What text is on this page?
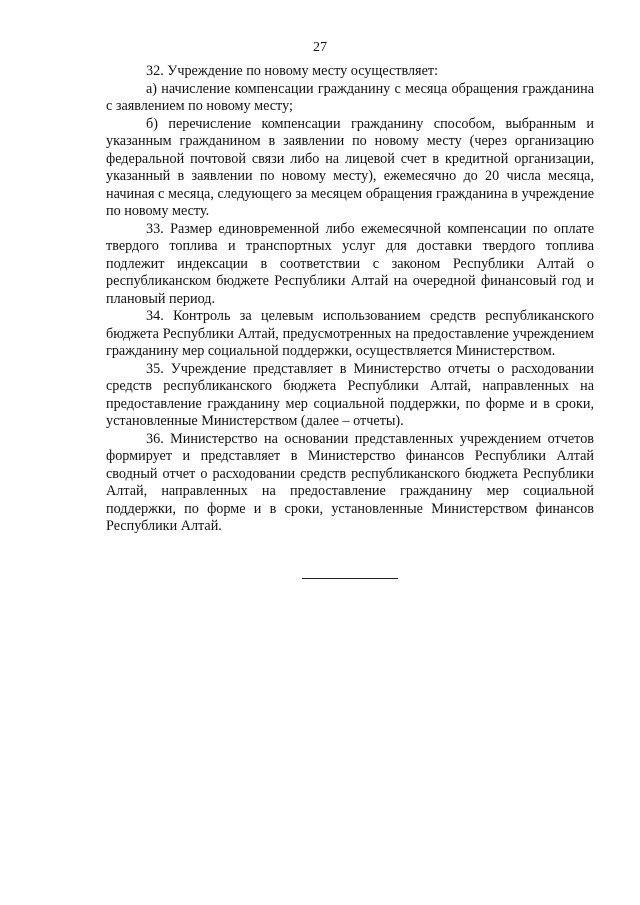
27

32. Учреждение по новому месту осуществляет:

а) начисление компенсации гражданину с месяца обращения гражданина с заявлением по новому месту;

б) перечисление компенсации гражданину способом, выбранным и указанным гражданином в заявлении по новому месту (через организацию федеральной почтовой связи либо на лицевой счет в кредитной организации, указанный в заявлении по новому месту), ежемесячно до 20 числа месяца, начиная с месяца, следующего за месяцем обращения гражданина в учреждение по новому месту.

33. Размер единовременной либо ежемесячной компенсации по оплате твердого топлива и транспортных услуг для доставки твердого топлива подлежит индексации в соответствии с законом Республики Алтай о республиканском бюджете Республики Алтай на очередной финансовый год и плановый период.

34. Контроль за целевым использованием средств республиканского бюджета Республики Алтай, предусмотренных на предоставление учреждением гражданину мер социальной поддержки, осуществляется Министерством.

35. Учреждение представляет в Министерство отчеты о расходовании средств республиканского бюджета Республики Алтай, направленных на предоставление гражданину мер социальной поддержки, по форме и в сроки, установленные Министерством (далее – отчеты).

36. Министерство на основании представленных учреждением отчетов формирует и представляет в Министерство финансов Республики Алтай сводный отчет о расходовании средств республиканского бюджета Республики Алтай, направленных на предоставление гражданину мер социальной поддержки, по форме и в сроки, установленные Министерством финансов Республики Алтай.
